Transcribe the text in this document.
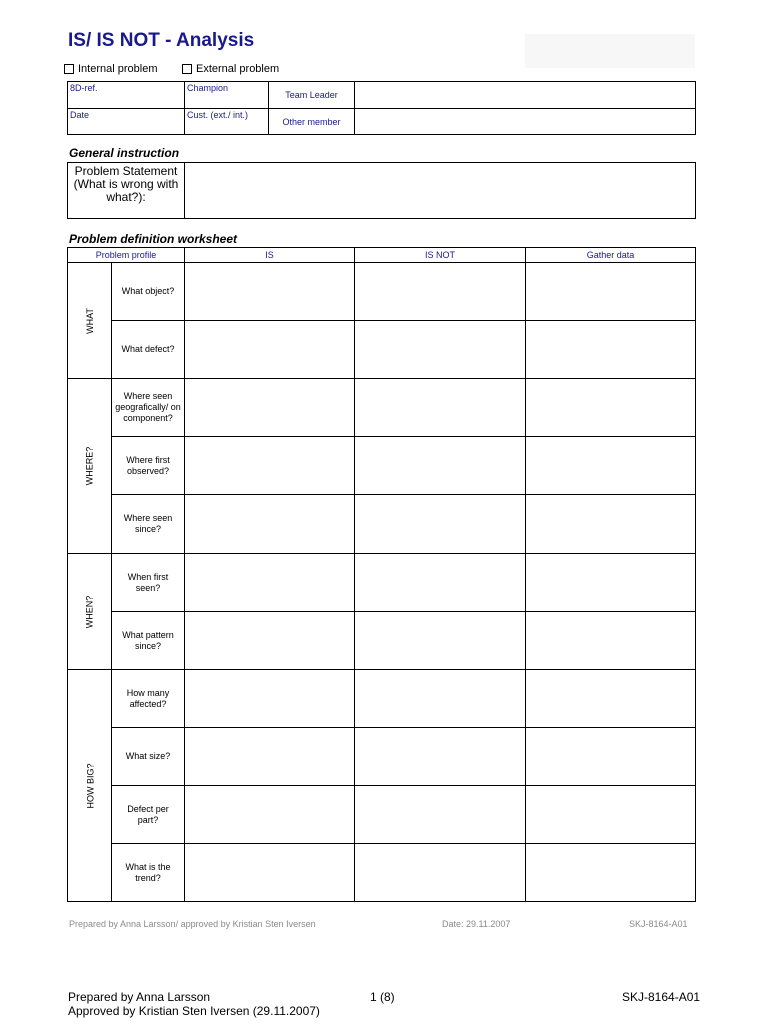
IS/ IS NOT - Analysis
Internal problem	External problem
8D-ref.	Champion	Team Leader	
Date	Cust. (ext./ int.)	Other member	
General instruction
Problem Statement (What is wrong with what?):	
Problem definition worksheet
Problem profile		IS	IS NOT	Gather data
WHAT	What object?			
	What defect?			
WHERE?	Where seen geografically/ on component?			
	Where first observed?			
	Where seen since?			
WHEN?	When first seen?			
	What pattern since?			
HOW BIG?	How many affected?			
	What size?			
	Defect per part?			
	What is the trend?			
Prepared by Anna Larsson/ approved by Kristian Sten Iversen	Date: 29.11.2007	SKJ-8164-A01
Prepared by Anna Larsson
Approved by Kristian Sten Iversen (29.11.2007)
1 (8)	SKJ-8164-A01
